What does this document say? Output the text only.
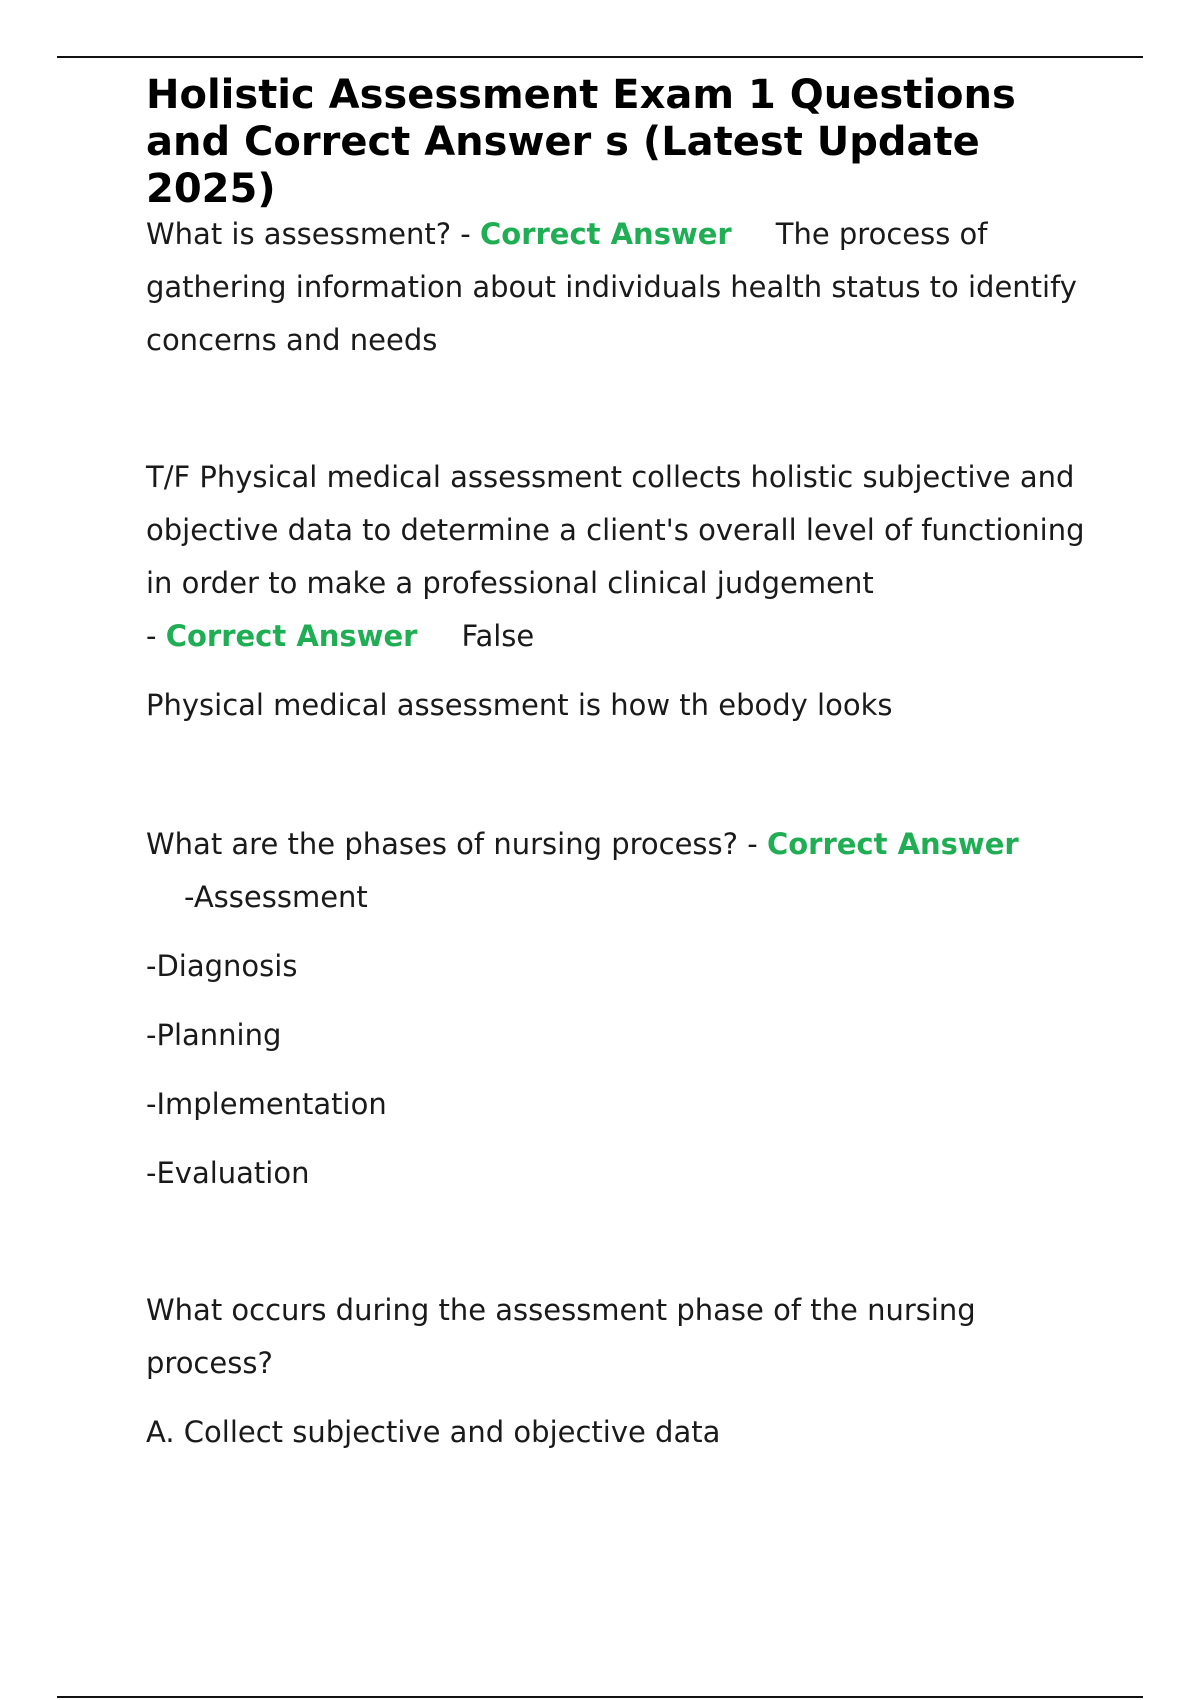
Holistic Assessment Exam 1 Questions and Correct Answer s (Latest Update 2025)

What is assessment? - Correct Answer The process of gathering information about individuals health status to identify concerns and needs

T/F Physical medical assessment collects holistic subjective and objective data to determine a client's overall level of functioning in order to make a professional clinical judgement
- Correct Answer False

Physical medical assessment is how th ebody looks

What are the phases of nursing process? - Correct Answer
-Assessment

-Diagnosis

-Planning

-Implementation

-Evaluation

What occurs during the assessment phase of the nursing process?

A. Collect subjective and objective data
